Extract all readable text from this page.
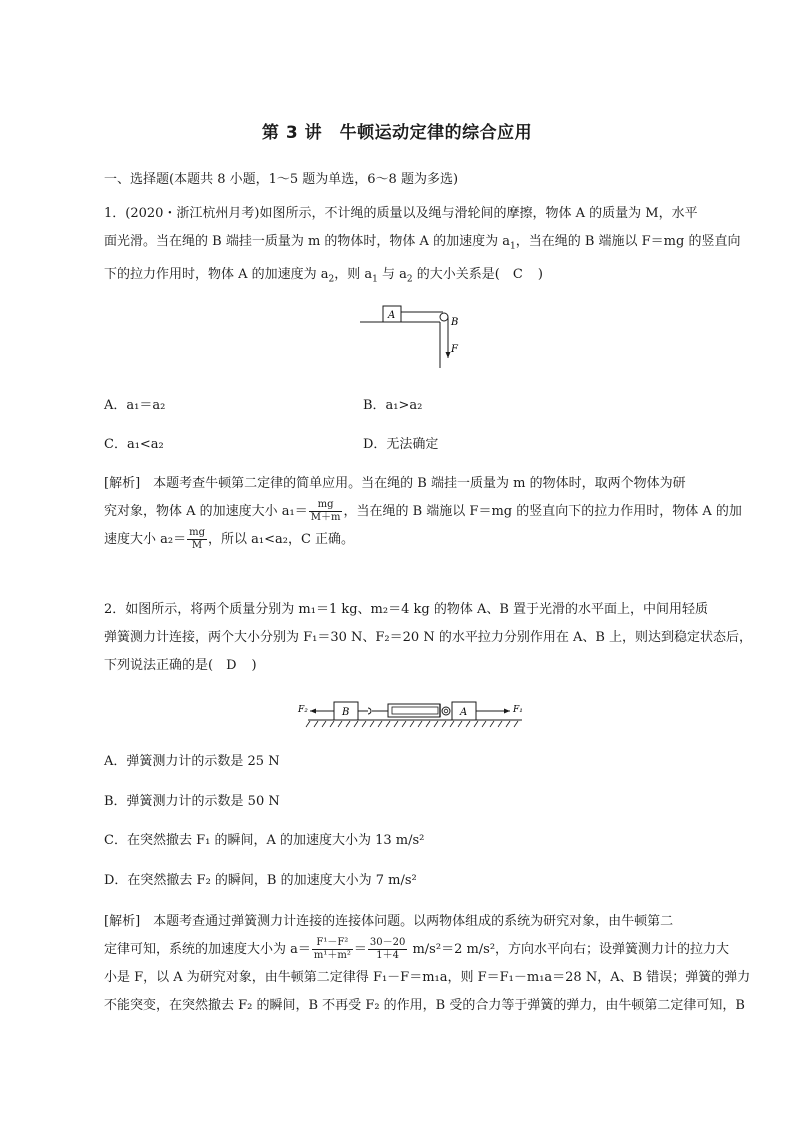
第 3 讲　牛顿运动定律的综合应用
一、选择题(本题共 8 小题，1～5 题为单选，6～8 题为多选)
1．(2020・浙江杭州月考)如图所示，不计绳的质量以及绳与滑轮间的摩擦，物体 A 的质量为 M，水平
面光滑。当在绳的 B 端挂一质量为 m 的物体时，物体 A 的加速度为 $a_1$，当在绳的 B 端施以 F＝mg 的竖直向
下的拉力作用时，物体 A 的加速度为 $a_2$，则 $a_1$ 与 $a_2$ 的大小关系是(　 C　 )
A
B
F
A．a₁＝a₂	B．a₁>a₂
C．a₁<a₂	D．无法确定
[解析]　 本题考查牛顿第二定律的简单应用。当在绳的 B 端挂一质量为 m 的物体时，取两个物体为研
究对象，物体 A 的加速度大小 $a_1= \frac{mg}{M+m}$ ，当在绳的 B 端施以 F＝mg 的竖直向下的拉力作用时，物体 A 的加
速度大小 $a_2= \frac{mg}{M}$ ，所以 a₁<a₂，C 正确。
2．如图所示，将两个质量分别为 m₁＝1 kg、m₂＝4 kg 的物体 A、B 置于光滑的水平面上，中间用轻质
弹簧测力计连接，两个大小分别为 F₁＝30 N、F₂＝20 N 的水平拉力分别作用在 A、B 上，则达到稳定状态后，
下列说法正确的是(　 D　 )
F₂	B	A	F₁
A．弹簧测力计的示数是 25 N
B．弹簧测力计的示数是 50 N
C．在突然撤去 F₁ 的瞬间，A 的加速度大小为 13 m/s²
D．在突然撤去 F₂ 的瞬间，B 的加速度大小为 7 m/s²
[解析]　 本题考查通过弹簧测力计连接的连接体问题。以两物体组成的系统为研究对象，由牛顿第二
定律可知，系统的加速度大小为 $a= \frac{\text{F¹－F²}}{\text{m¹＋m²}} = \frac{30-20}{1+4} m/s^2=2$ m/s²，方向水平向右；设弹簧测力计的拉力大
小是 F，以 A 为研究对象，由牛顿第二定律得 F₁－F＝m₁a，则 F＝F₁－m₁a＝28 N，A、B 错误；弹簧的弹力
不能突变，在突然撤去 F₂ 的瞬间，B 不再受 F₂ 的作用，B 受的合力等于弹簧的弹力，由牛顿第二定律可知，B
